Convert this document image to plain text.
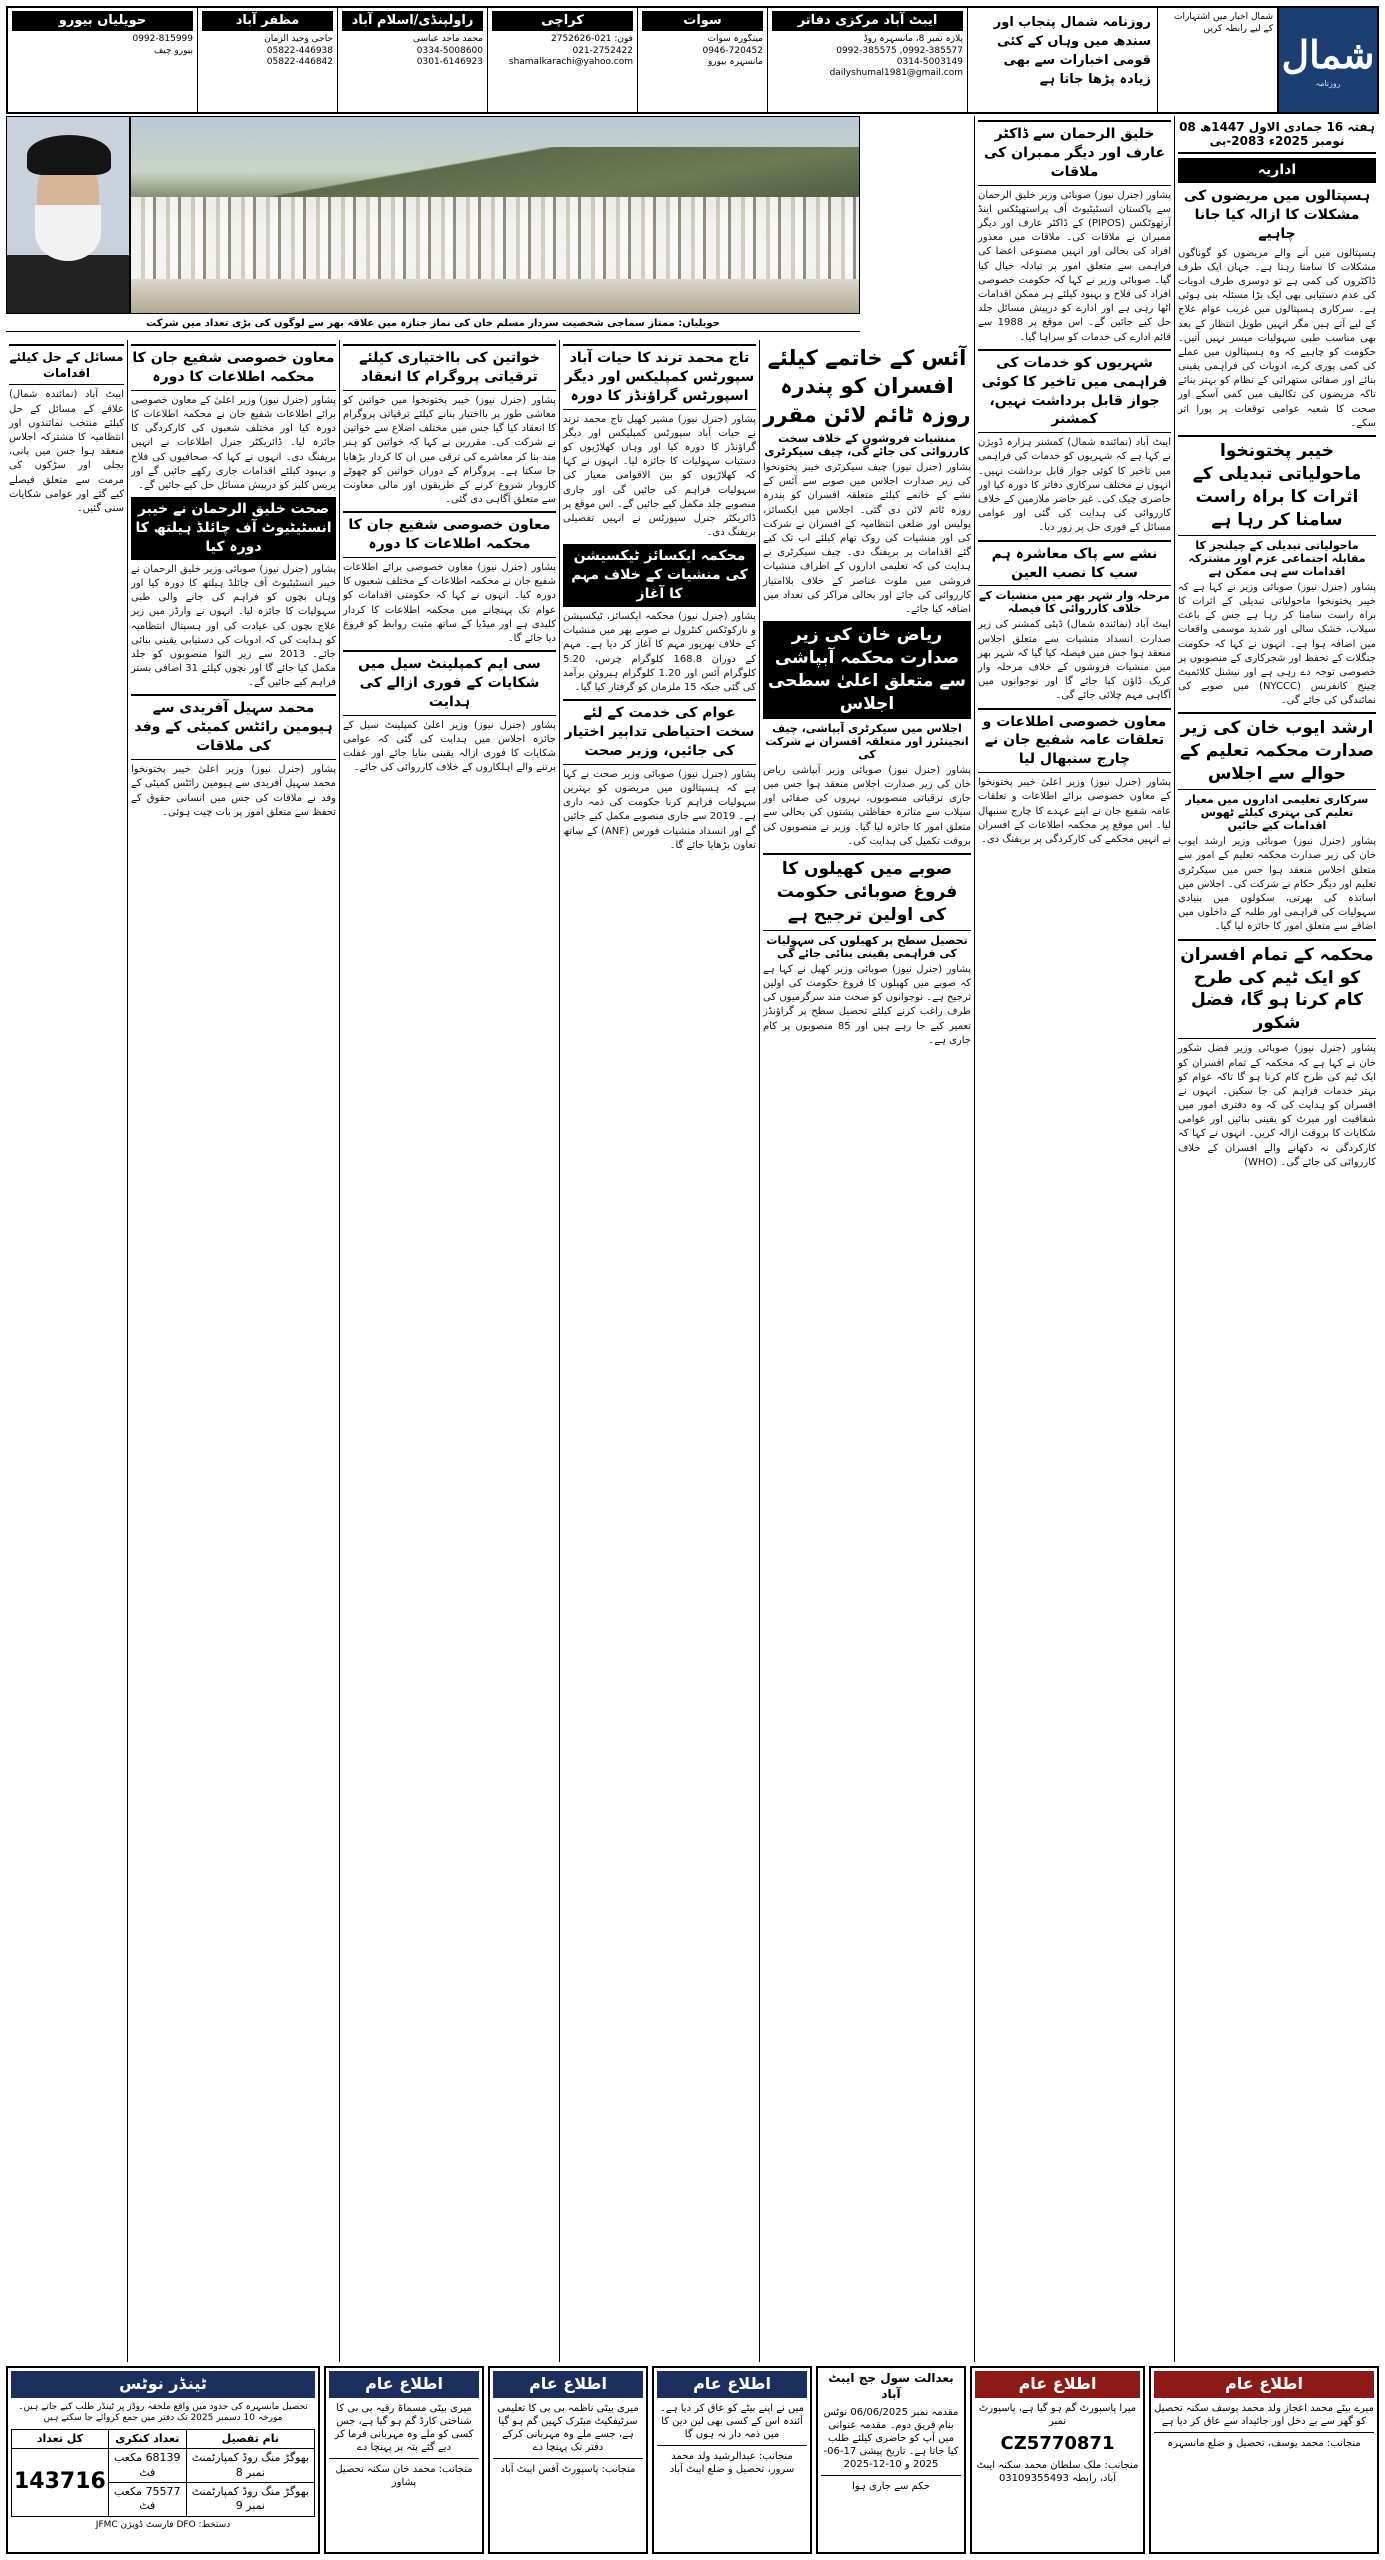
شمال
روزنامہ
شمال اخبار میں اشتہارات کے لیے رابطہ کریں
روزنامہ شمال پنجاب اور سندھ میں وہاں کے کئی قومی اخبارات سے بھی زیادہ پڑھا جاتا ہے
ایبٹ آباد مرکزی دفاتر
پلازہ نمبر 8، مانسہرہ روڈ
0992-385577, 0992-385575
0314-5003149
dailyshumal1981@gmail.com
سوات
مینگورہ سوات
0946-720452
مانسہرہ بیورو
کراچی
فون: 021-2752626
021-2752422
shamalkarachi@yahoo.com
راولپنڈی/اسلام آباد
محمد ماجد عباسی
0334-5008600
0301-6146923
مظفر آباد
حاجی وحید الزمان
05822-446938
05822-446842
حویلیاں بیورو
0992-815999
بیورو چیف
حویلیاں: ممتاز سماجی شخصیت سردار مسلم خان کی نماز جنازہ میں علاقہ بھر سے لوگوں کی بڑی تعداد میں شرکت
ہفتہ 16 جمادی الاول 1447ھ 08 نومبر 2025ء 2083-بی
اداریہ
ہسپتالوں میں مریضوں کی مشکلات کا ازالہ کیا جانا چاہیے
ہسپتالوں میں آنے والے مریضوں کو گوناگوں مشکلات کا سامنا رہتا ہے۔ جہاں ایک طرف ڈاکٹروں کی کمی ہے تو دوسری طرف ادویات کی عدم دستیابی بھی ایک بڑا مسئلہ بنی ہوئی ہے۔ سرکاری ہسپتالوں میں غریب عوام علاج کے لیے آتے ہیں مگر انہیں طویل انتظار کے بعد بھی مناسب طبی سہولیات میسر نہیں آتیں۔ حکومت کو چاہیے کہ وہ ہسپتالوں میں عملے کی کمی پوری کرے، ادویات کی فراہمی یقینی بنائے اور صفائی ستھرائی کے نظام کو بہتر بنائے تاکہ مریضوں کی تکالیف میں کمی آسکے اور صحت کا شعبہ عوامی توقعات پر پورا اتر سکے۔
خیبر پختونخوا ماحولیاتی تبدیلی کے اثرات کا براہ راست سامنا کر رہا ہے
ماحولیاتی تبدیلی کے چیلنجز کا مقابلہ اجتماعی عزم اور مشترکہ اقدامات سے ہی ممکن ہے
پشاور (جنرل نیوز) صوبائی وزیر نے کہا ہے کہ خیبر پختونخوا ماحولیاتی تبدیلی کے اثرات کا براہ راست سامنا کر رہا ہے جس کے باعث سیلاب، خشک سالی اور شدید موسمی واقعات میں اضافہ ہوا ہے۔ انہوں نے کہا کہ حکومت جنگلات کے تحفظ اور شجرکاری کے منصوبوں پر خصوصی توجہ دے رہی ہے اور نیشنل کلائمیٹ چینج کانفرنس (NYCCC) میں صوبے کی نمائندگی کی جائے گی۔
ارشد ایوب خان کی زیر صدارت محکمہ تعلیم کے حوالے سے اجلاس
سرکاری تعلیمی اداروں میں معیار تعلیم کی بہتری کیلئے ٹھوس اقدامات کیے جائیں
پشاور (جنرل نیوز) صوبائی وزیر ارشد ایوب خان کی زیر صدارت محکمہ تعلیم کے امور سے متعلق اجلاس منعقد ہوا جس میں سیکرٹری تعلیم اور دیگر حکام نے شرکت کی۔ اجلاس میں اساتذہ کی بھرتی، سکولوں میں بنیادی سہولیات کی فراہمی اور طلبہ کے داخلوں میں اضافے سے متعلق امور کا جائزہ لیا گیا۔
محکمہ کے تمام افسران کو ایک ٹیم کی طرح کام کرنا ہو گا، فضل شکور
پشاور (جنرل نیوز) صوبائی وزیر فضل شکور خان نے کہا ہے کہ محکمہ کے تمام افسران کو ایک ٹیم کی طرح کام کرنا ہو گا تاکہ عوام کو بہتر خدمات فراہم کی جا سکیں۔ انہوں نے افسران کو ہدایت کی کہ وہ دفتری امور میں شفافیت اور میرٹ کو یقینی بنائیں اور عوامی شکایات کا بروقت ازالہ کریں۔ انہوں نے کہا کہ کارکردگی نہ دکھانے والے افسران کے خلاف کارروائی کی جائے گی۔ (WHO)
خلیق الرحمان سے ڈاکٹر عارف اور دیگر ممبران کی ملاقات
پشاور (جنرل نیوز) صوبائی وزیر خلیق الرحمان سے پاکستان انسٹیٹیوٹ آف پراستھیٹکس اینڈ آرتھوٹکس (PIPOS) کے ڈاکٹر عارف اور دیگر ممبران نے ملاقات کی۔ ملاقات میں معذور افراد کی بحالی اور انہیں مصنوعی اعضا کی فراہمی سے متعلق امور پر تبادلہ خیال کیا گیا۔ صوبائی وزیر نے کہا کہ حکومت خصوصی افراد کی فلاح و بہبود کیلئے ہر ممکن اقدامات اٹھا رہی ہے اور ادارے کو درپیش مسائل جلد حل کیے جائیں گے۔ اس موقع پر 1988 سے قائم ادارے کی خدمات کو سراہا گیا۔
شہریوں کو خدمات کی فراہمی میں تاخیر کا کوئی جواز قابل برداشت نہیں، کمشنر
ایبٹ آباد (نمائندہ شمال) کمشنر ہزارہ ڈویژن نے کہا ہے کہ شہریوں کو خدمات کی فراہمی میں تاخیر کا کوئی جواز قابل برداشت نہیں۔ انہوں نے مختلف سرکاری دفاتر کا دورہ کیا اور حاضری چیک کی۔ غیر حاضر ملازمین کے خلاف کارروائی کی ہدایت کی گئی اور عوامی مسائل کے فوری حل پر زور دیا۔
نشے سے پاک معاشرہ ہم سب کا نصب العین
مرحلہ وار شہر بھر میں منشیات کے خلاف کارروائی کا فیصلہ
ایبٹ آباد (نمائندہ شمال) ڈپٹی کمشنر کی زیر صدارت انسداد منشیات سے متعلق اجلاس منعقد ہوا جس میں فیصلہ کیا گیا کہ شہر بھر میں منشیات فروشوں کے خلاف مرحلہ وار کریک ڈاؤن کیا جائے گا اور نوجوانوں میں آگاہی مہم چلائی جائے گی۔
معاون خصوصی اطلاعات و تعلقات عامہ شفیع جان نے چارج سنبھال لیا
پشاور (جنرل نیوز) وزیر اعلیٰ خیبر پختونخوا کے معاون خصوصی برائے اطلاعات و تعلقات عامہ شفیع جان نے اپنے عہدے کا چارج سنبھال لیا۔ اس موقع پر محکمہ اطلاعات کے افسران نے انہیں محکمے کی کارکردگی پر بریفنگ دی۔
آئس کے خاتمے کیلئے افسران کو پندرہ روزہ ٹائم لائن مقرر
منشیات فروشوں کے خلاف سخت کارروائی کی جائے گی، چیف سیکرٹری
پشاور (جنرل نیوز) چیف سیکرٹری خیبر پختونخوا کی زیر صدارت اجلاس میں صوبے سے آئس کے نشے کے خاتمے کیلئے متعلقہ افسران کو پندرہ روزہ ٹائم لائن دی گئی۔ اجلاس میں ایکسائز، پولیس اور ضلعی انتظامیہ کے افسران نے شرکت کی اور منشیات کی روک تھام کیلئے اب تک کیے گئے اقدامات پر بریفنگ دی۔ چیف سیکرٹری نے ہدایت کی کہ تعلیمی اداروں کے اطراف منشیات فروشی میں ملوث عناصر کے خلاف بلاامتیاز کارروائی کی جائے اور بحالی مراکز کی تعداد میں اضافہ کیا جائے۔
ریاض خان کی زیر صدارت محکمہ آبپاشی سے متعلق اعلیٰ سطحی اجلاس
اجلاس میں سیکرٹری آبپاشی، چیف انجینئرز اور متعلقہ افسران نے شرکت کی
پشاور (جنرل نیوز) صوبائی وزیر آبپاشی ریاض خان کی زیر صدارت اجلاس منعقد ہوا جس میں جاری ترقیاتی منصوبوں، نہروں کی صفائی اور سیلاب سے متاثرہ حفاظتی پشتوں کی بحالی سے متعلق امور کا جائزہ لیا گیا۔ وزیر نے منصوبوں کی بروقت تکمیل کی ہدایت کی۔
صوبے میں کھیلوں کا فروغ صوبائی حکومت کی اولین ترجیح ہے
تحصیل سطح پر کھیلوں کی سہولیات کی فراہمی یقینی بنائی جائے گی
پشاور (جنرل نیوز) صوبائی وزیر کھیل نے کہا ہے کہ صوبے میں کھیلوں کا فروغ حکومت کی اولین ترجیح ہے۔ نوجوانوں کو صحت مند سرگرمیوں کی طرف راغب کرنے کیلئے تحصیل سطح پر گراؤنڈز تعمیر کیے جا رہے ہیں اور 85 منصوبوں پر کام جاری ہے۔
تاج محمد ترند کا حیات آباد سپورٹس کمپلیکس اور دیگر اسپورٹس گراؤنڈز کا دورہ
پشاور (جنرل نیوز) مشیر کھیل تاج محمد ترند نے حیات آباد سپورٹس کمپلیکس اور دیگر گراؤنڈز کا دورہ کیا اور وہاں کھلاڑیوں کو دستیاب سہولیات کا جائزہ لیا۔ انہوں نے کہا کہ کھلاڑیوں کو بین الاقوامی معیار کی سہولیات فراہم کی جائیں گی اور جاری منصوبے جلد مکمل کیے جائیں گے۔ اس موقع پر ڈائریکٹر جنرل سپورٹس نے انہیں تفصیلی بریفنگ دی۔
محکمہ ایکسائز ٹیکسیشن کی منشیات کے خلاف مہم کا آغاز
پشاور (جنرل نیوز) محکمہ ایکسائز، ٹیکسیشن و نارکوٹکس کنٹرول نے صوبے بھر میں منشیات کے خلاف بھرپور مہم کا آغاز کر دیا ہے۔ مہم کے دوران 168.8 کلوگرام چرس، 5.20 کلوگرام آئس اور 1.20 کلوگرام ہیروئن برآمد کی گئی جبکہ 15 ملزمان کو گرفتار کیا گیا۔
عوام کی خدمت کے لئے سخت احتیاطی تدابیر اختیار کی جائیں، وزیر صحت
پشاور (جنرل نیوز) صوبائی وزیر صحت نے کہا ہے کہ ہسپتالوں میں مریضوں کو بہترین سہولیات فراہم کرنا حکومت کی ذمہ داری ہے۔ 2019 سے جاری منصوبے مکمل کیے جائیں گے اور انسداد منشیات فورس (ANF) کے ساتھ تعاون بڑھایا جائے گا۔
خواتین کی بااختیاری کیلئے ترقیاتی پروگرام کا انعقاد
پشاور (جنرل نیوز) خیبر پختونخوا میں خواتین کو معاشی طور پر بااختیار بنانے کیلئے ترقیاتی پروگرام کا انعقاد کیا گیا جس میں مختلف اضلاع سے خواتین نے شرکت کی۔ مقررین نے کہا کہ خواتین کو ہنر مند بنا کر معاشرے کی ترقی میں ان کا کردار بڑھایا جا سکتا ہے۔ پروگرام کے دوران خواتین کو چھوٹے کاروبار شروع کرنے کے طریقوں اور مالی معاونت سے متعلق آگاہی دی گئی۔
معاون خصوصی شفیع جان کا محکمہ اطلاعات کا دورہ
پشاور (جنرل نیوز) معاون خصوصی برائے اطلاعات شفیع جان نے محکمہ اطلاعات کے مختلف شعبوں کا دورہ کیا۔ انہوں نے کہا کہ حکومتی اقدامات کو عوام تک پہنچانے میں محکمہ اطلاعات کا کردار کلیدی ہے اور میڈیا کے ساتھ مثبت روابط کو فروغ دیا جائے گا۔
سی ایم کمپلینٹ سیل میں شکایات کے فوری ازالے کی ہدایت
پشاور (جنرل نیوز) وزیر اعلیٰ کمپلینٹ سیل کے جائزہ اجلاس میں ہدایت کی گئی کہ عوامی شکایات کا فوری ازالہ یقینی بنایا جائے اور غفلت برتنے والے اہلکاروں کے خلاف کارروائی کی جائے۔
معاون خصوصی شفیع جان کا محکمہ اطلاعات کا دورہ
پشاور (جنرل نیوز) وزیر اعلیٰ کے معاون خصوصی برائے اطلاعات شفیع جان نے محکمہ اطلاعات کا دورہ کیا اور مختلف شعبوں کی کارکردگی کا جائزہ لیا۔ ڈائریکٹر جنرل اطلاعات نے انہیں بریفنگ دی۔ انہوں نے کہا کہ صحافیوں کی فلاح و بہبود کیلئے اقدامات جاری رکھے جائیں گے اور پریس کلبز کو درپیش مسائل حل کیے جائیں گے۔
صحت خلیق الرحمان نے خیبر انسٹیٹیوٹ آف چائلڈ ہیلتھ کا دورہ کیا
پشاور (جنرل نیوز) صوبائی وزیر خلیق الرحمان نے خیبر انسٹیٹیوٹ آف چائلڈ ہیلتھ کا دورہ کیا اور وہاں بچوں کو فراہم کی جانے والی طبی سہولیات کا جائزہ لیا۔ انہوں نے وارڈز میں زیر علاج بچوں کی عیادت کی اور ہسپتال انتظامیہ کو ہدایت کی کہ ادویات کی دستیابی یقینی بنائی جائے۔ 2013 سے زیر التوا منصوبوں کو جلد مکمل کیا جائے گا اور بچوں کیلئے 31 اضافی بستر فراہم کیے جائیں گے۔
محمد سہیل آفریدی سے ہیومین رائٹس کمیٹی کے وفد کی ملاقات
پشاور (جنرل نیوز) وزیر اعلیٰ خیبر پختونخوا محمد سہیل آفریدی سے ہیومین رائٹس کمیٹی کے وفد نے ملاقات کی جس میں انسانی حقوق کے تحفظ سے متعلق امور پر بات چیت ہوئی۔
مسائل کے حل کیلئے اقدامات
ایبٹ آباد (نمائندہ شمال) علاقے کے مسائل کے حل کیلئے منتخب نمائندوں اور انتظامیہ کا مشترکہ اجلاس منعقد ہوا جس میں پانی، بجلی اور سڑکوں کی مرمت سے متعلق فیصلے کیے گئے اور عوامی شکایات سنی گئیں۔
اطلاع عام
میرے بیٹے محمد اعجاز ولد محمد یوسف سکنہ تحصیل کو گھر سے بے دخل اور جائیداد سے عاق کر دیا ہے
منجانب: محمد یوسف، تحصیل و ضلع مانسہرہ
اطلاع عام
میرا پاسپورٹ گم ہو گیا ہے، پاسپورٹ نمبر
CZ5770871
منجانب: ملک سلطان محمد سکنہ ایبٹ آباد، رابطہ 03109355493
بعدالت سول جج ایبٹ آباد
مقدمہ نمبر 06/06/2025 نوٹس بنام فریق دوم۔ مقدمہ عنوانی میں آپ کو حاضری کیلئے طلب کیا جاتا ہے۔ تاریخ پیشی 17-06-2025 و 10-12-2025
حکم سے جاری ہوا
اطلاع عام
میں نے اپنے بیٹے کو عاق کر دیا ہے۔ آئندہ اس کے کسی بھی لین دین کا میں ذمہ دار نہ ہوں گا
منجانب: عبدالرشید ولد محمد سرور، تحصیل و ضلع ایبٹ آباد
اطلاع عام
میری بیٹی ناظمہ بی بی کا تعلیمی سرٹیفکیٹ میٹرک کہیں گم ہو گیا ہے، جسے ملے وہ مہربانی کرکے دفتر تک پہنچا دے
منجانب: پاسپورٹ آفس ایبٹ آباد
اطلاع عام
میری بیٹی مسماۃ رقیہ بی بی کا شناختی کارڈ گم ہو گیا ہے، جس کسی کو ملے وہ مہربانی فرما کر دیے گئے پتہ پر پہنچا دے
منجانب: محمد خان سکنہ تحصیل پشاور
ٹینڈر نوٹس
تحصیل مانسہرہ کی حدود میں واقع ملحقہ روڈز پر ٹینڈر طلب کیے جاتے ہیں۔ مورخہ 10 دسمبر 2025 تک دفتر میں جمع کروائے جا سکتے ہیں
نام تفصیل	تعداد کنکری	کل تعداد
بھوگڑ منگ روڈ کمپارٹمنٹ نمبر 8	68139 مکعب فٹ	143716
بھوگڑ منگ روڈ کمپارٹمنٹ نمبر 9	75577 مکعب فٹ	
دستخط: DFO فارسٹ ڈویژن JFMC
